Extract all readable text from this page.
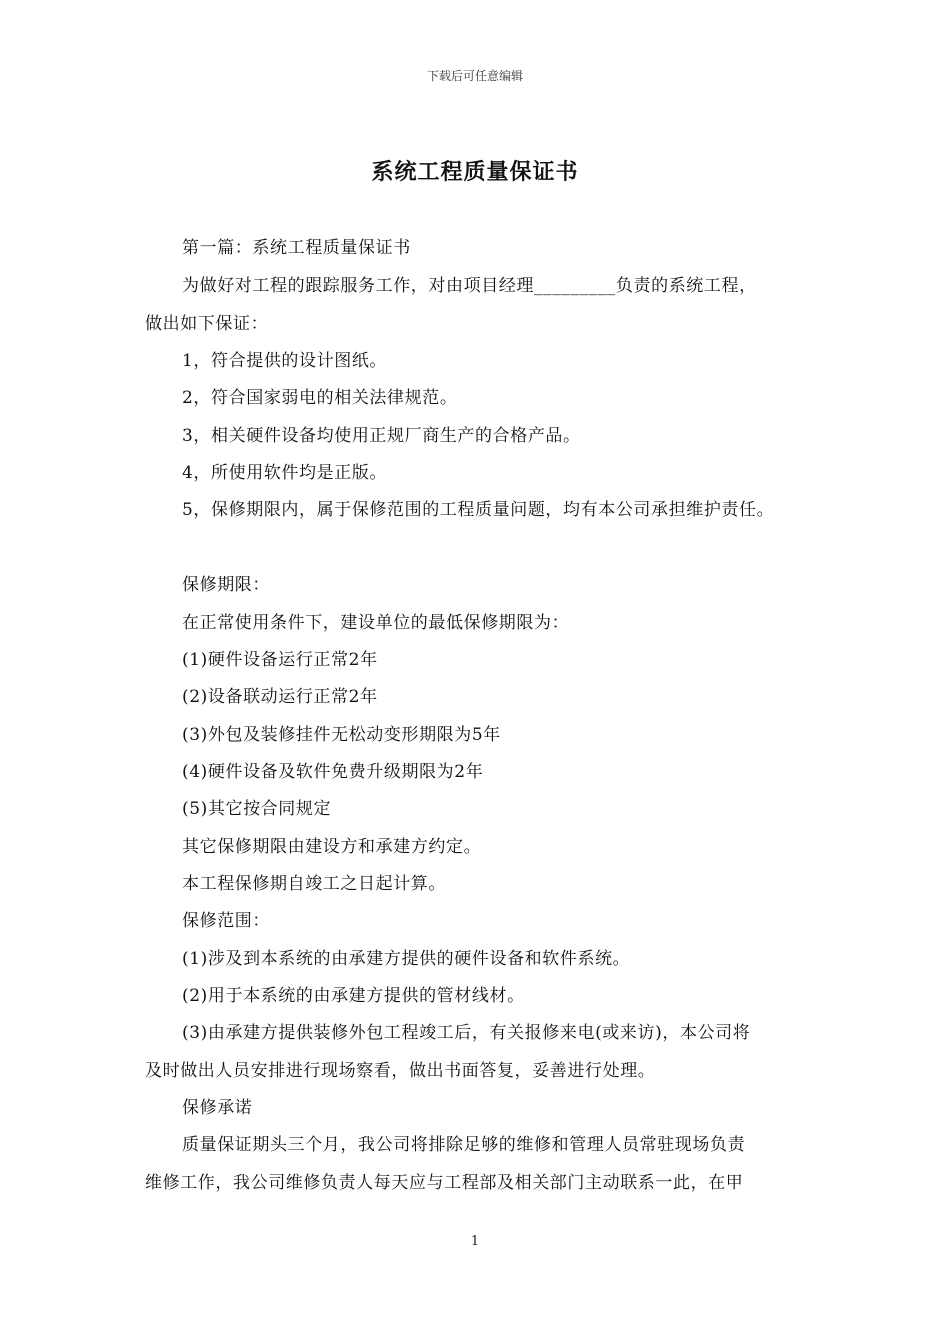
下载后可任意编辑
系统工程质量保证书
第一篇：系统工程质量保证书
为做好对工程的跟踪服务工作，对由项目经理_________负责的系统工程，
做出如下保证：
1，符合提供的设计图纸。
2，符合国家弱电的相关法律规范。
3，相关硬件设备均使用正规厂商生产的合格产品。
4，所使用软件均是正版。
5，保修期限内，属于保修范围的工程质量问题，均有本公司承担维护责任。
保修期限：
在正常使用条件下，建设单位的最低保修期限为：
(1)硬件设备运行正常2年
(2)设备联动运行正常2年
(3)外包及装修挂件无松动变形期限为5年
(4)硬件设备及软件免费升级期限为2年
(5)其它按合同规定
其它保修期限由建设方和承建方约定。
本工程保修期自竣工之日起计算。
保修范围：
(1)涉及到本系统的由承建方提供的硬件设备和软件系统。
(2)用于本系统的由承建方提供的管材线材。
(3)由承建方提供装修外包工程竣工后，有关报修来电(或来访)，本公司将
及时做出人员安排进行现场察看，做出书面答复，妥善进行处理。
保修承诺
质量保证期头三个月，我公司将排除足够的维修和管理人员常驻现场负责
维修工作，我公司维修负责人每天应与工程部及相关部门主动联系一此，在甲
1
